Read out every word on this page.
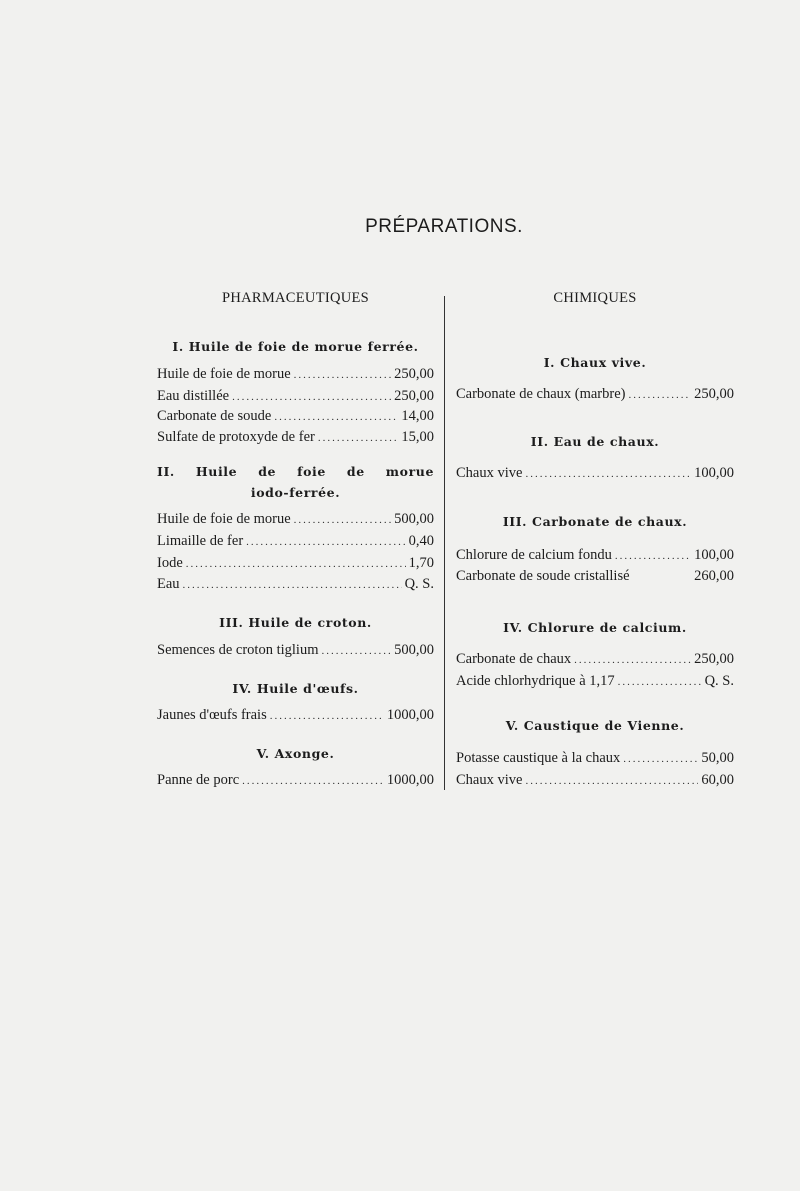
PRÉPARATIONS.
PHARMACEUTIQUES	CHIMIQUES
I. Huile de foie de morue ferrée.
Huile de foie de morue .....	250,00
Eau distillée .....	250,00
Carbonate de soude .....	14,00
Sulfate de protoxyde de fer .....	15,00
II. Huile de foie de morue
iodo-ferrée.
Huile de foie de morue .....	500,00
Limaille de fer .....	0,40
Iode .....	1,70
Eau .....	Q. S.
III. Huile de croton.
Semences de croton tiglium .....	500,00
IV. Huile d'œufs.
Jaunes d'œufs frais .....	1000,00
V. Axonge.
Panne de porc .....	1000,00
I. Chaux vive.
Carbonate de chaux (marbre) .....	250,00
II. Eau de chaux.
Chaux vive .....	100,00
III. Carbonate de chaux.
Chlorure de calcium fondu .....	100,00
Carbonate de soude cristallisé	260,00
IV. Chlorure de calcium.
Carbonate de chaux .....	250,00
Acide chlorhydrique à 1,17 .....	Q. S.
V. Caustique de Vienne.
Potasse caustique à la chaux .....	50,00
Chaux vive .....	60,00
